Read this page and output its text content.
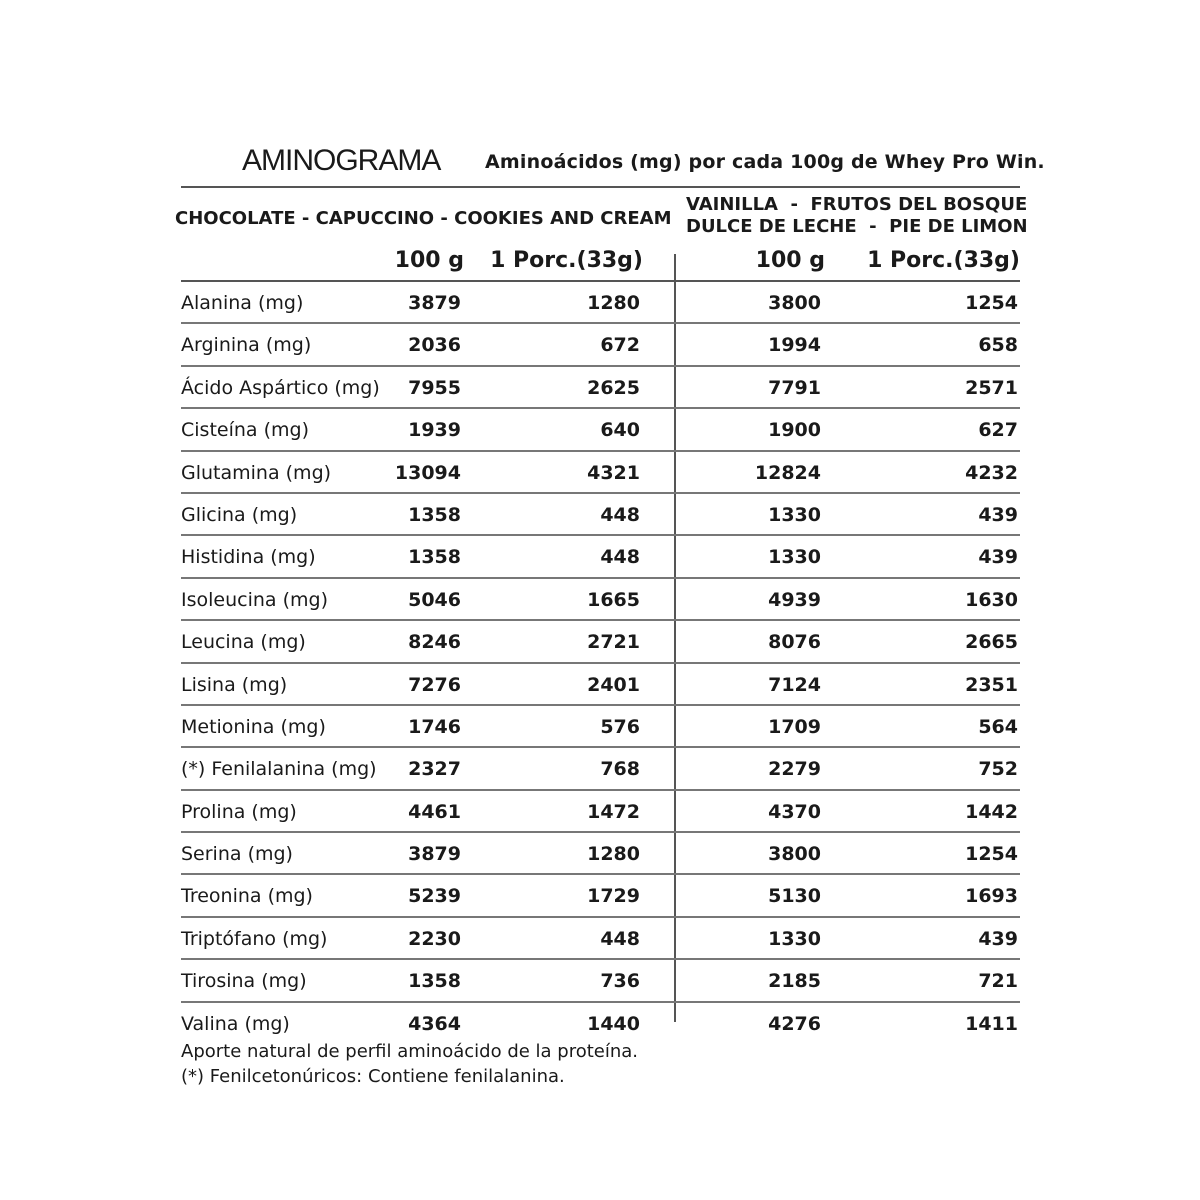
AMINOGRAMA Aminoácidos (mg) por cada 100g de Whey Pro Win.
CHOCOLATE - CAPUCCINO - COOKIES AND CREAM
VAINILLA  -  FRUTOS DEL BOSQUE
DULCE DE LECHE  -  PIE DE LIMON
100 g	1 Porc.(33g)	100 g	1 Porc.(33g)
Alanina (mg)	3879	1280	3800	1254
Arginina (mg)	2036	672	1994	658
Ácido Aspártico (mg)	7955	2625	7791	2571
Cisteína (mg)	1939	640	1900	627
Glutamina (mg)	13094	4321	12824	4232
Glicina (mg)	1358	448	1330	439
Histidina (mg)	1358	448	1330	439
Isoleucina (mg)	5046	1665	4939	1630
Leucina (mg)	8246	2721	8076	2665
Lisina (mg)	7276	2401	7124	2351
Metionina (mg)	1746	576	1709	564
(*) Fenilalanina (mg)	2327	768	2279	752
Prolina (mg)	4461	1472	4370	1442
Serina (mg)	3879	1280	3800	1254
Treonina (mg)	5239	1729	5130	1693
Triptófano (mg)	2230	448	1330	439
Tirosina (mg)	1358	736	2185	721
Valina (mg)	4364	1440	4276	1411
Aporte natural de perfil aminoácido de la proteína.
(*) Fenilcetonúricos: Contiene fenilalanina.
